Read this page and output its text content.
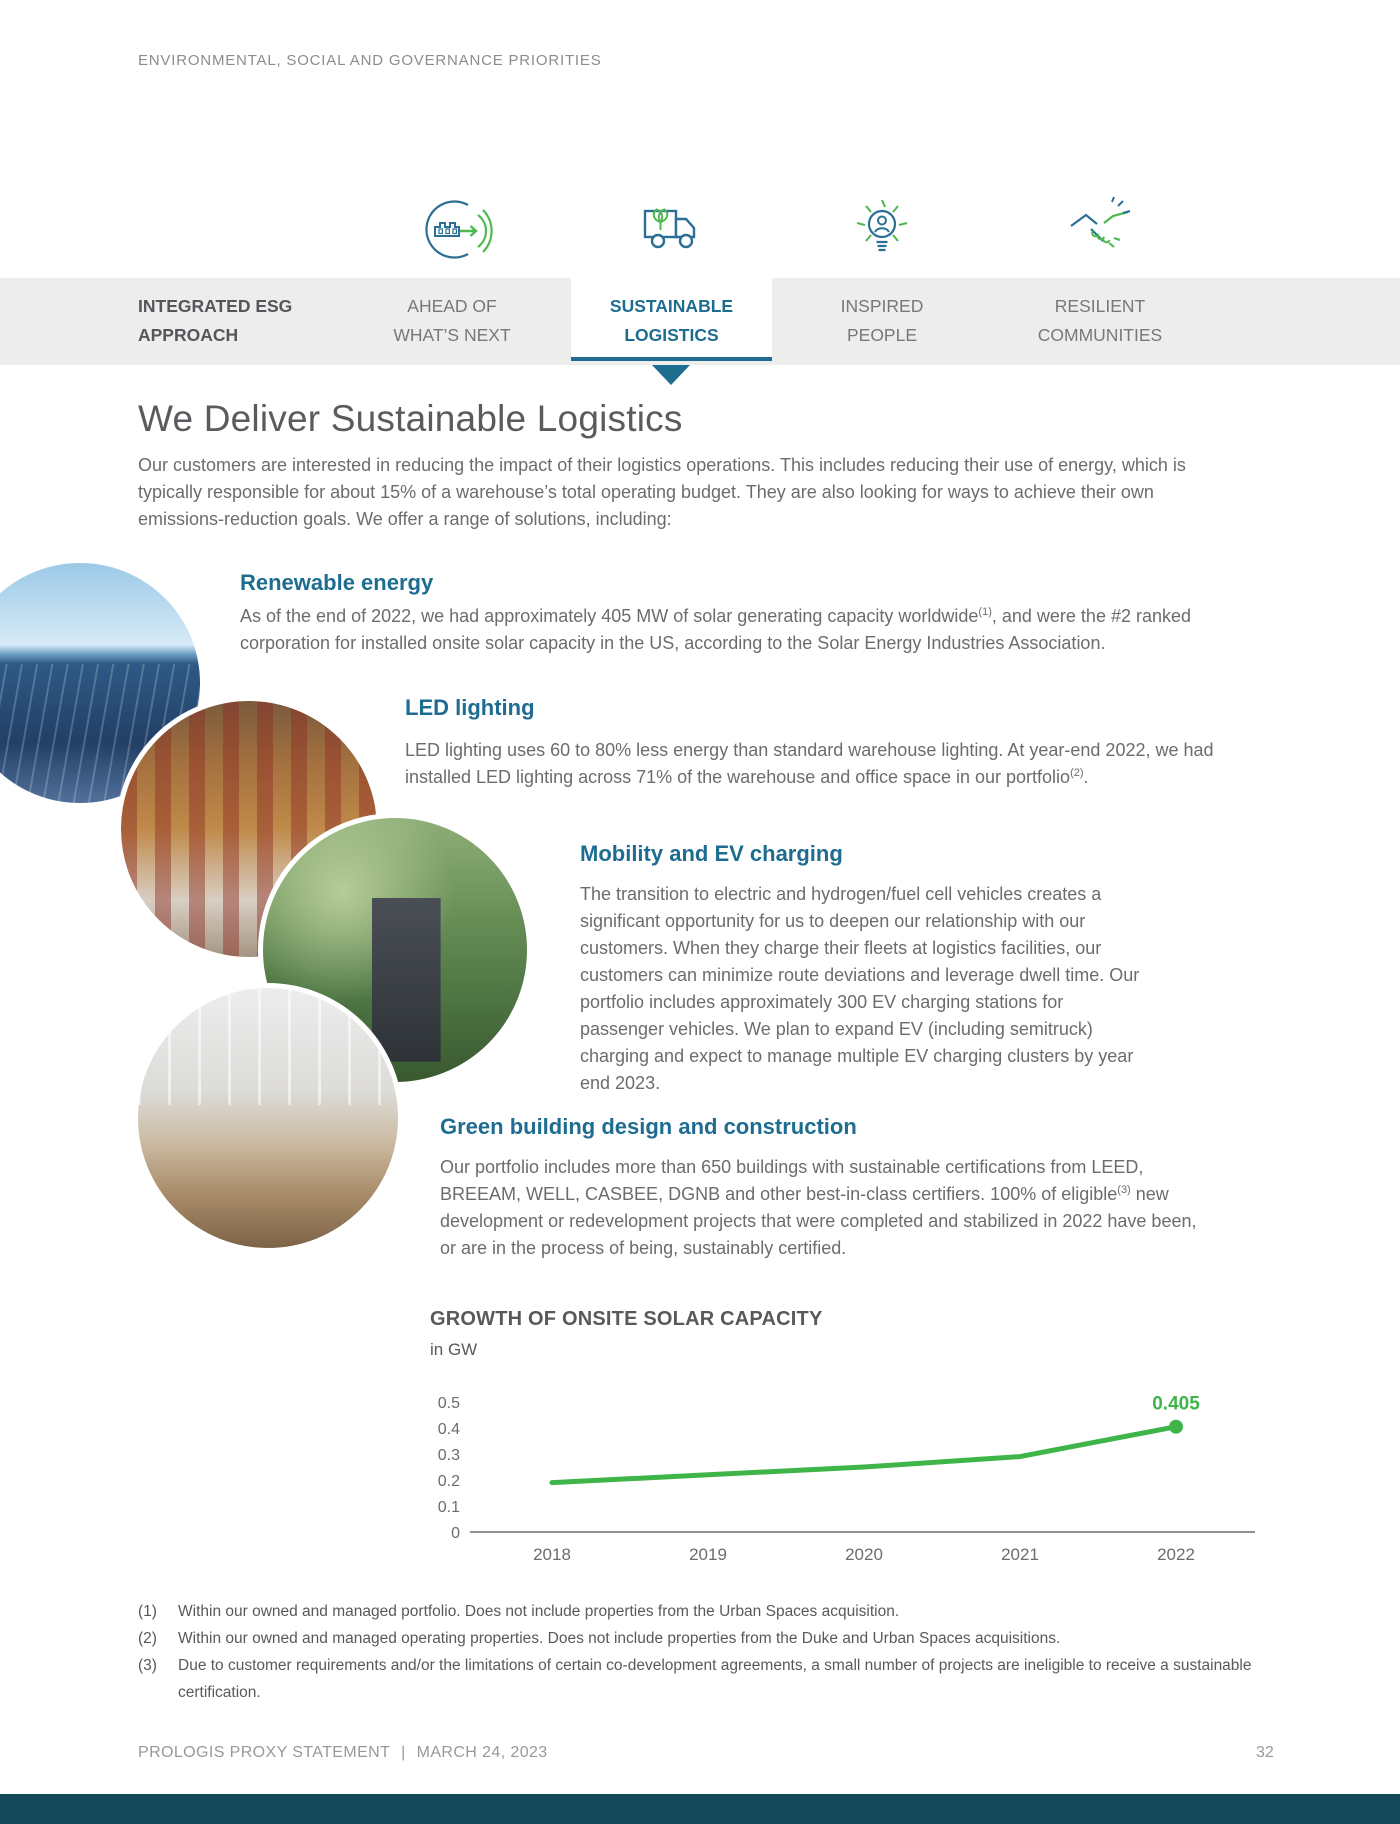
ENVIRONMENTAL, SOCIAL AND GOVERNANCE PRIORITIES
INTEGRATED ESG
APPROACH
AHEAD OF
WHAT’S NEXT
SUSTAINABLE
LOGISTICS
INSPIRED
PEOPLE
RESILIENT
COMMUNITIES
We Deliver Sustainable Logistics
Our customers are interested in reducing the impact of their logistics operations. This includes reducing their use of energy, which is typically responsible for about 15% of a warehouse’s total operating budget. They are also looking for ways to achieve their own emissions-reduction goals. We offer a range of solutions, including:
Renewable energy
As of the end of 2022, we had approximately 405 MW of solar generating capacity worldwide$^{(1)}$, and were the #2 ranked corporation for installed onsite solar capacity in the US, according to the Solar Energy Industries Association.
LED lighting
LED lighting uses 60 to 80% less energy than standard warehouse lighting. At year-end 2022, we had installed LED lighting across 71% of the warehouse and office space in our portfolio$^{(2)}$.
Mobility and EV charging
The transition to electric and hydrogen/fuel cell vehicles creates a significant opportunity for us to deepen our relationship with our customers. When they charge their fleets at logistics facilities, our customers can minimize route deviations and leverage dwell time. Our portfolio includes approximately 300 EV charging stations for passenger vehicles. We plan to expand EV (including semitruck) charging and expect to manage multiple EV charging clusters by year end 2023.
Green building design and construction
Our portfolio includes more than 650 buildings with sustainable certifications from LEED, BREEAM, WELL, CASBEE, DGNB and other best-in-class certifiers. 100% of eligible$^{(3)}$ new development or redevelopment projects that were completed and stabilized in 2022 have been, or are in the process of being, sustainably certified.
GROWTH OF ONSITE SOLAR CAPACITY
in GW
0.405
0.5
0.4
0.3
0.2
0.1
0
2018	2019	2020	2021	2022
(1)	Within our owned and managed portfolio. Does not include properties from the Urban Spaces acquisition.
(2)	Within our owned and managed operating properties. Does not include properties from the Duke and Urban Spaces acquisitions.
(3)	Due to customer requirements and/or the limitations of certain co-development agreements, a small number of projects are ineligible to receive a sustainable certification.
PROLOGIS PROXY STATEMENT | MARCH 24, 2023	32
